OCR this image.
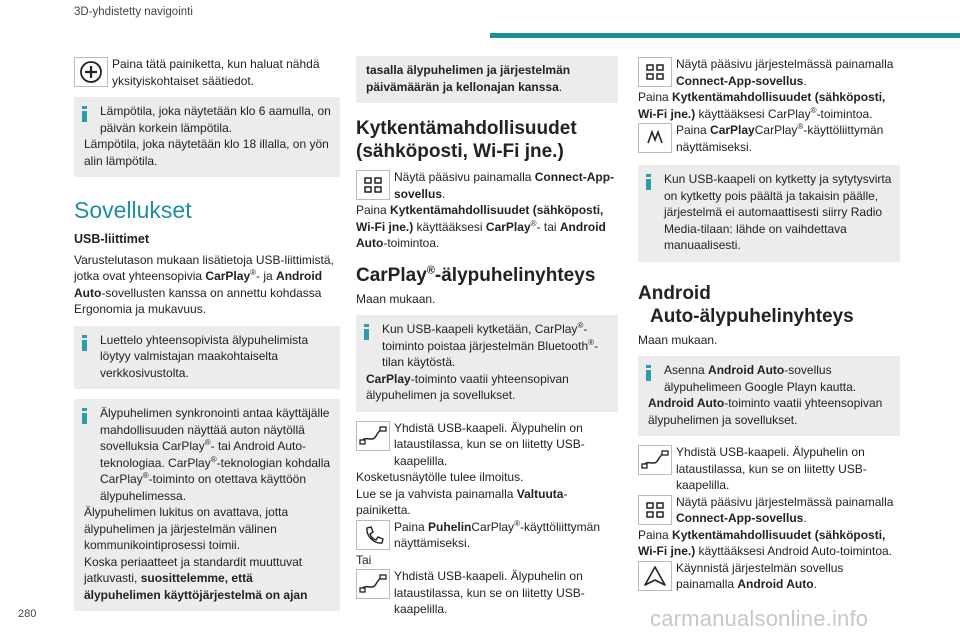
3D-yhdistetty navigointi

Paina tätä painiketta, kun haluat nähdä yksityiskohtaiset säätiedot.

Lämpötila, joka näytetään klo 6 aamulla, on päivän korkein lämpötila.

Lämpötila, joka näytetään klo 18 illalla, on yön alin lämpötila.

Sovellukset

USB-liittimet

Varustelutason mukaan lisätietoja USB-liittimistä, jotka ovat yhteensopivia CarPlay®- ja Android Auto-sovellusten kanssa on annettu kohdassa Ergonomia ja mukavuus.

Luettelo yhteensopivista älypuhelimista löytyy valmistajan maakohtaiselta verkkosivustolta.

Älypuhelimen synkronointi antaa käyttäjälle mahdollisuuden näyttää auton näytöllä sovelluksia CarPlay®- tai Android Auto-teknologiaa. CarPlay®-teknologian kohdalla CarPlay®-toiminto on otettava käyttöön älypuhelimessa.

Älypuhelimen lukitus on avattava, jotta älypuhelimen ja järjestelmän välinen kommunikointiprosessi toimii.

Koska periaatteet ja standardit muuttuvat jatkuvasti, suosittelemme, että älypuhelimen käyttöjärjestelmä on ajan

tasalla älypuhelimen ja järjestelmän päivämäärän ja kellonajan kanssa.

Kytkentämahdollisuudet (sähköposti, Wi-Fi jne.)

Näytä pääsivu painamalla Connect-App-sovellus.

Paina Kytkentämahdollisuudet (sähköposti, Wi-Fi jne.) käyttääksesi CarPlay®- tai Android Auto-toimintoa.

CarPlay®-älypuhelinyhteys

Maan mukaan.

Kun USB-kaapeli kytketään, CarPlay®-toiminto poistaa järjestelmän Bluetooth®-tilan käytöstä.

CarPlay-toiminto vaatii yhteensopivan älypuhelimen ja sovellukset.

Yhdistä USB-kaapeli. Älypuhelin on lataustilassa, kun se on liitetty USB-kaapelilla.

Kosketusnäytölle tulee ilmoitus.

Lue se ja vahvista painamalla Valtuuta-painiketta.

Paina PuhelinCarPlay®-käyttöliittymän näyttämiseksi.

Tai

Yhdistä USB-kaapeli. Älypuhelin on lataustilassa, kun se on liitetty USB-kaapelilla.

Näytä pääsivu järjestelmässä painamalla Connect-App-sovellus.

Paina Kytkentämahdollisuudet (sähköposti, Wi-Fi jne.) käyttääksesi CarPlay®-toimintoa.

Paina CarPlayCarPlay®-käyttöliittymän näyttämiseksi.

Kun USB-kaapeli on kytketty ja sytytysvirta on kytketty pois päältä ja takaisin päälle, järjestelmä ei automaattisesti siirry Radio Media-tilaan: lähde on vaihdettava manuaalisesti.

Android

Auto-älypuhelinyhteys

Maan mukaan.

Asenna Android Auto-sovellus älypuhelimeen Google Playn kautta.

Android Auto-toiminto vaatii yhteensopivan älypuhelimen ja sovellukset.

Yhdistä USB-kaapeli. Älypuhelin on lataustilassa, kun se on liitetty USB-kaapelilla.

Näytä pääsivu järjestelmässä painamalla Connect-App-sovellus.

Paina Kytkentämahdollisuudet (sähköposti, Wi-Fi jne.) käyttääksesi Android Auto-toimintoa.

Käynnistä järjestelmän sovellus painamalla Android Auto.

280	carmanualsonline.info
